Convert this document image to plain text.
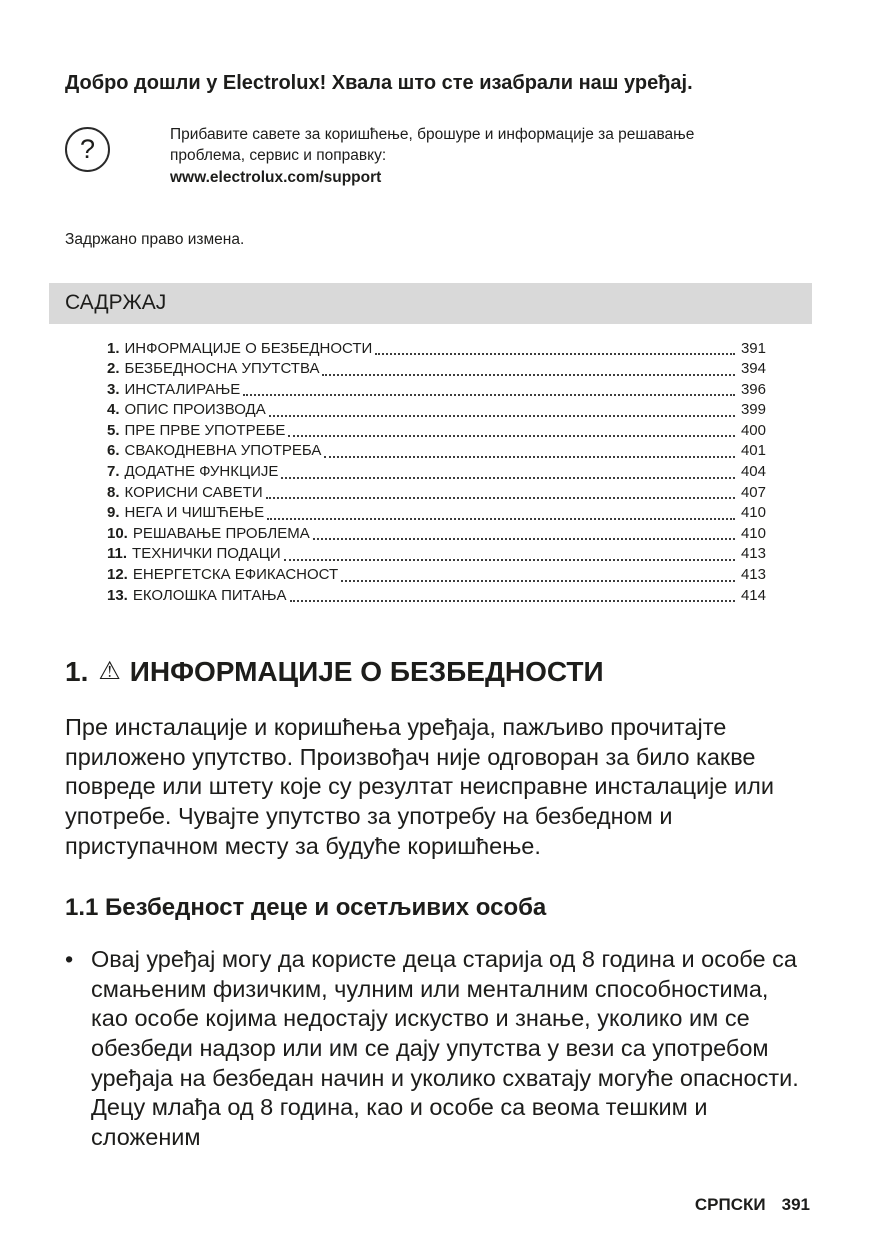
Добро дошли у Electrolux! Хвала што сте изабрали наш уређај.
?	Прибавите савете за коришћење, брошуре и информације за решавање проблема, сервис и поправку:
www.electrolux.com/support
Задржано право измена.
САДРЖАЈ
1. ИНФОРМАЦИЈЕ О БЕЗБЕДНОСТИ	391
2. БЕЗБЕДНОСНА УПУТСТВА	394
3. ИНСТАЛИРАЊЕ	396
4. ОПИС ПРОИЗВОДА	399
5. ПРЕ ПРВЕ УПОТРЕБЕ	400
6. СВАКОДНЕВНА УПОТРЕБА	401
7. ДОДАТНЕ ФУНКЦИЈЕ	404
8. КОРИСНИ САВЕТИ	407
9. НЕГА И ЧИШЋЕЊЕ	410
10. РЕШАВАЊЕ ПРОБЛЕМА	410
11. ТЕХНИЧКИ ПОДАЦИ	413
12. ЕНЕРГЕТСКА ЕФИКАСНОСТ	413
13. ЕКОЛОШКА ПИТАЊА	414
1. ⚠ ИНФОРМАЦИЈЕ О БЕЗБЕДНОСТИ

Пре инсталације и коришћења уређаја, пажљиво прочитајте приложено упутство. Произвођач није одговоран за било какве повреде или штету које су резултат неисправне инсталације или употребе. Чувајте упутство за употребу на безбедном и приступачном месту за будуће коришћење.

1.1 Безбедност деце и осетљивих особа
• Овај уређај могу да користе деца старија од 8 година и особе са смањеним физичким, чулним или менталним способностима, као особе којима недостају искуство и знање, уколико им се обезбеди надзор или им се дају упутства у вези са употребом уређаја на безбедан начин и уколико схватају могуће опасности. Децу млађа од 8 година, као и особе са веома тешким и сложеним
СРПСКИ 391
